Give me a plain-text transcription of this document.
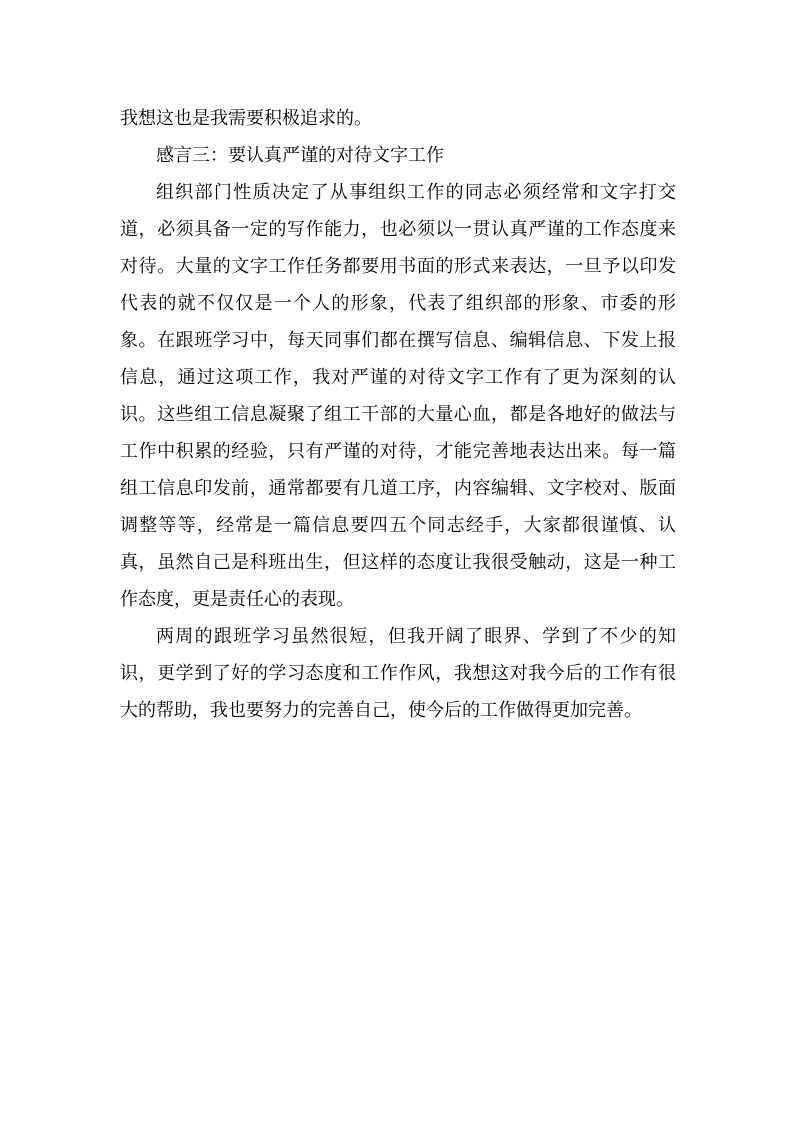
我想这也是我需要积极追求的。

感言三：要认真严谨的对待文字工作

组织部门性质决定了从事组织工作的同志必须经常和文字打交道，必须具备一定的写作能力，也必须以一贯认真严谨的工作态度来对待。大量的文字工作任务都要用书面的形式来表达，一旦予以印发代表的就不仅仅是一个人的形象，代表了组织部的形象、市委的形象。在跟班学习中，每天同事们都在撰写信息、编辑信息、下发上报信息，通过这项工作，我对严谨的对待文字工作有了更为深刻的认识。这些组工信息凝聚了组工干部的大量心血，都是各地好的做法与工作中积累的经验，只有严谨的对待，才能完善地表达出来。每一篇组工信息印发前，通常都要有几道工序，内容编辑、文字校对、版面调整等等，经常是一篇信息要四五个同志经手，大家都很谨慎、认真，虽然自己是科班出生，但这样的态度让我很受触动，这是一种工作态度，更是责任心的表现。

两周的跟班学习虽然很短，但我开阔了眼界、学到了不少的知识，更学到了好的学习态度和工作作风，我想这对我今后的工作有很大的帮助，我也要努力的完善自己，使今后的工作做得更加完善。
